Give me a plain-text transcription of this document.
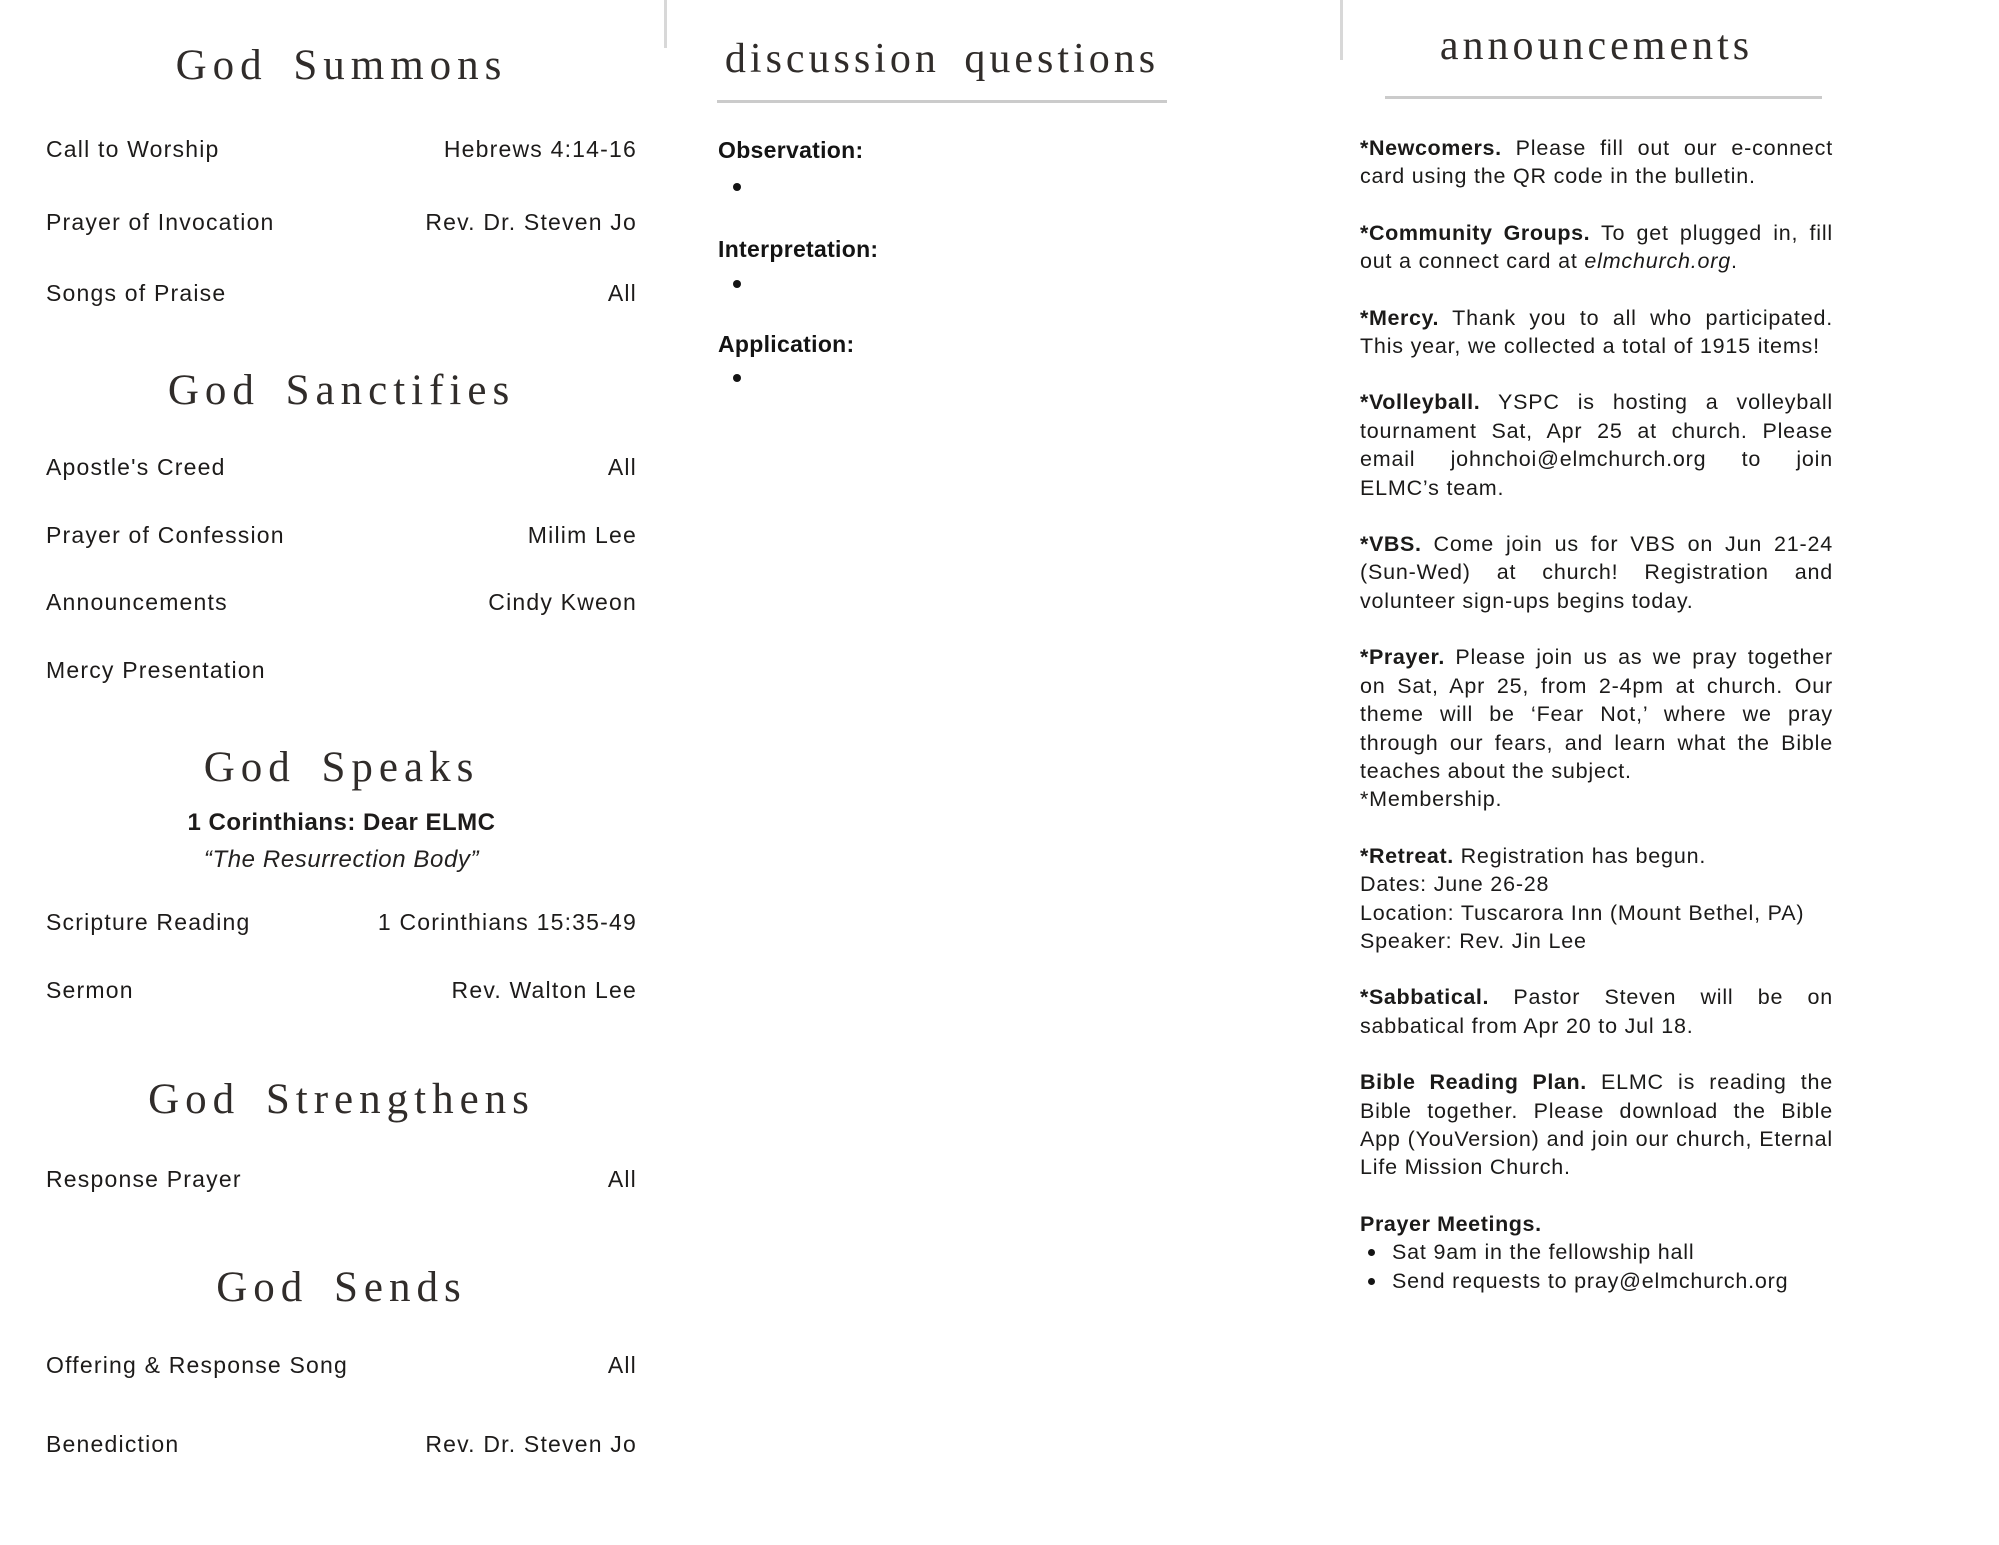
God Summons
Call to Worship	Hebrews 4:14-16
Prayer of Invocation	Rev. Dr. Steven Jo
Songs of Praise	All
God Sanctifies
Apostle's Creed	All
Prayer of Confession	Milim Lee
Announcements	Cindy Kweon
Mercy Presentation
God Speaks
1 Corinthians: Dear ELMC
“The Resurrection Body”
Scripture Reading	1 Corinthians 15:35-49
Sermon	Rev. Walton Lee
God Strengthens
Response Prayer	All
God Sends
Offering & Response Song	All
Benediction	Rev. Dr. Steven Jo
discussion questions
Observation:
Interpretation:
Application:
announcements

*Newcomers. Please fill out our e-connect card using the QR code in the bulletin.

*Community Groups. To get plugged in, fill out a connect card at elmchurch.org.

*Mercy. Thank you to all who participated. This year, we collected a total of 1915 items!

*Volleyball. YSPC is hosting a volleyball tournament Sat, Apr 25 at church. Please email johnchoi@elmchurch.org to join ELMC’s team.

*VBS. Come join us for VBS on Jun 21-24 (Sun-Wed) at church! Registration and volunteer sign-ups begins today.

*Prayer. Please join us as we pray together on Sat, Apr 25, from 2-4pm at church. Our theme will be ‘Fear Not,’ where we pray through our fears, and learn what the Bible teaches about the subject.
*Membership.

*Retreat. Registration has begun.
Dates: June 26-28
Location: Tuscarora Inn (Mount Bethel, PA)
Speaker: Rev. Jin Lee

*Sabbatical. Pastor Steven will be on sabbatical from Apr 20 to Jul 18.

Bible Reading Plan. ELMC is reading the Bible together. Please download the Bible App (YouVersion) and join our church, Eternal Life Mission Church.

Prayer Meetings.

Sat 9am in the fellowship hall
Send requests to pray@elmchurch.org
